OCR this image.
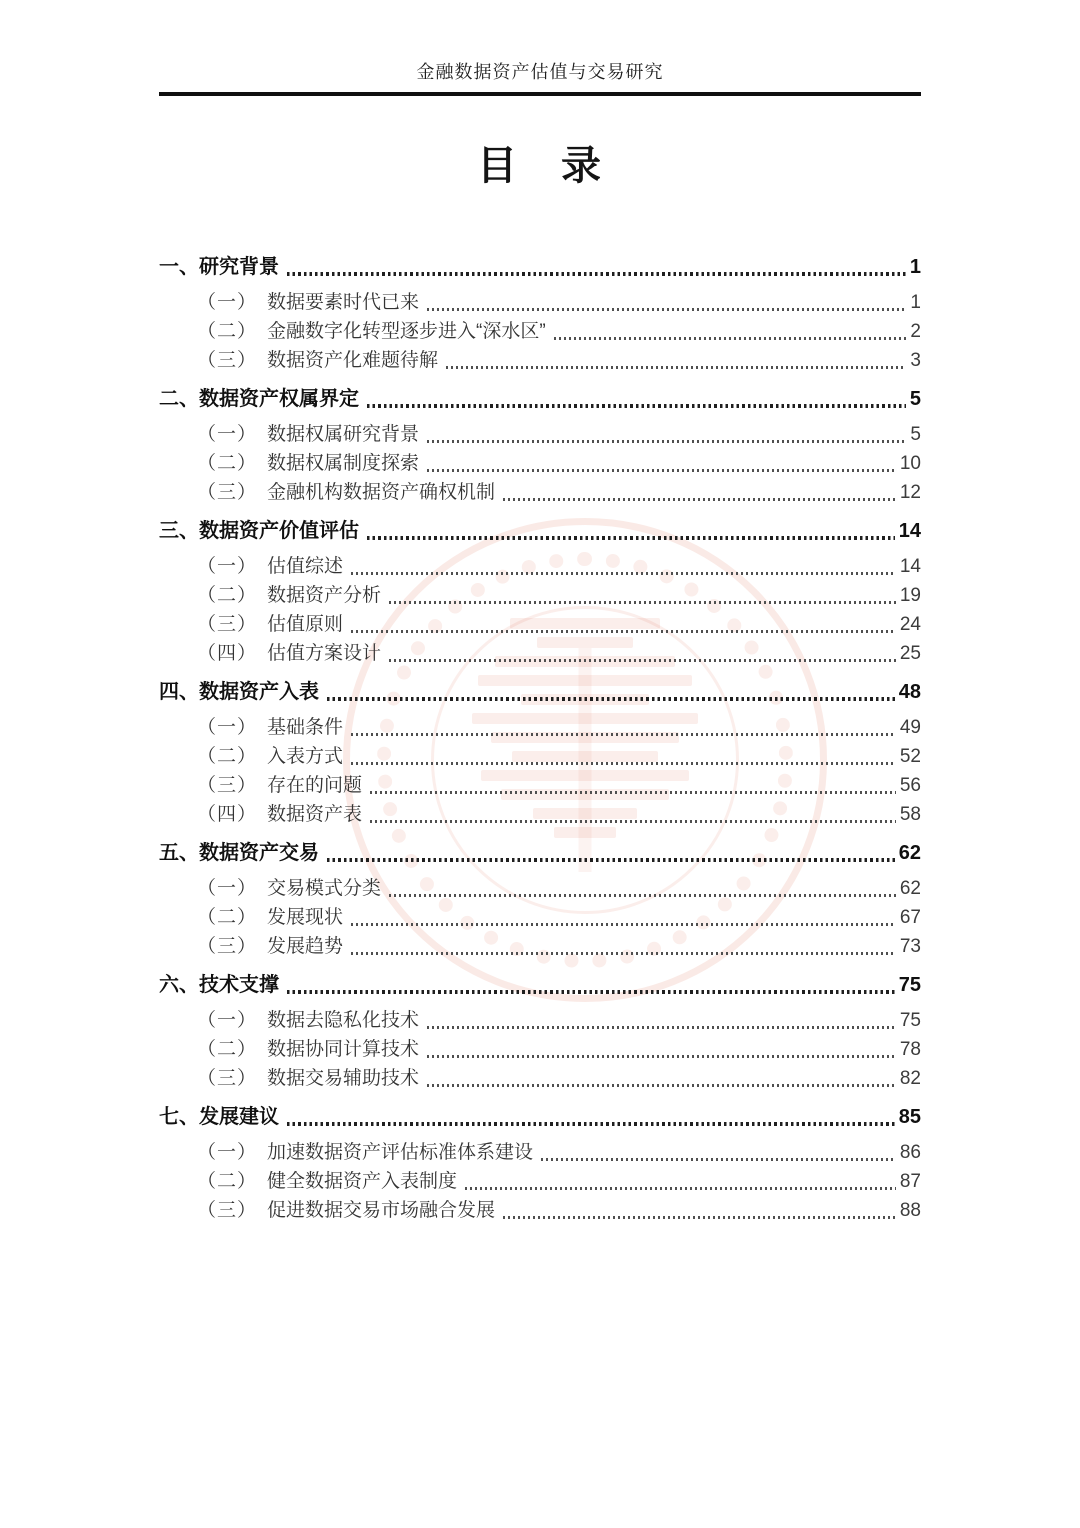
金融数据资产估值与交易研究
目　录
一、 研究背景	1
（一） 数据要素时代已来	1
（二） 金融数字化转型逐步进入“深水区”	2
（三） 数据资产化难题待解	3
二、 数据资产权属界定	5
（一） 数据权属研究背景	5
（二） 数据权属制度探索	10
（三） 金融机构数据资产确权机制	12
三、 数据资产价值评估	14
（一） 估值综述	14
（二） 数据资产分析	19
（三） 估值原则	24
（四） 估值方案设计	25
四、 数据资产入表	48
（一） 基础条件	49
（二） 入表方式	52
（三） 存在的问题	56
（四） 数据资产表	58
五、 数据资产交易	62
（一） 交易模式分类	62
（二） 发展现状	67
（三） 发展趋势	73
六、 技术支撑	75
（一） 数据去隐私化技术	75
（二） 数据协同计算技术	78
（三） 数据交易辅助技术	82
七、 发展建议	85
（一） 加速数据资产评估标准体系建设	86
（二） 健全数据资产入表制度	87
（三） 促进数据交易市场融合发展	88
